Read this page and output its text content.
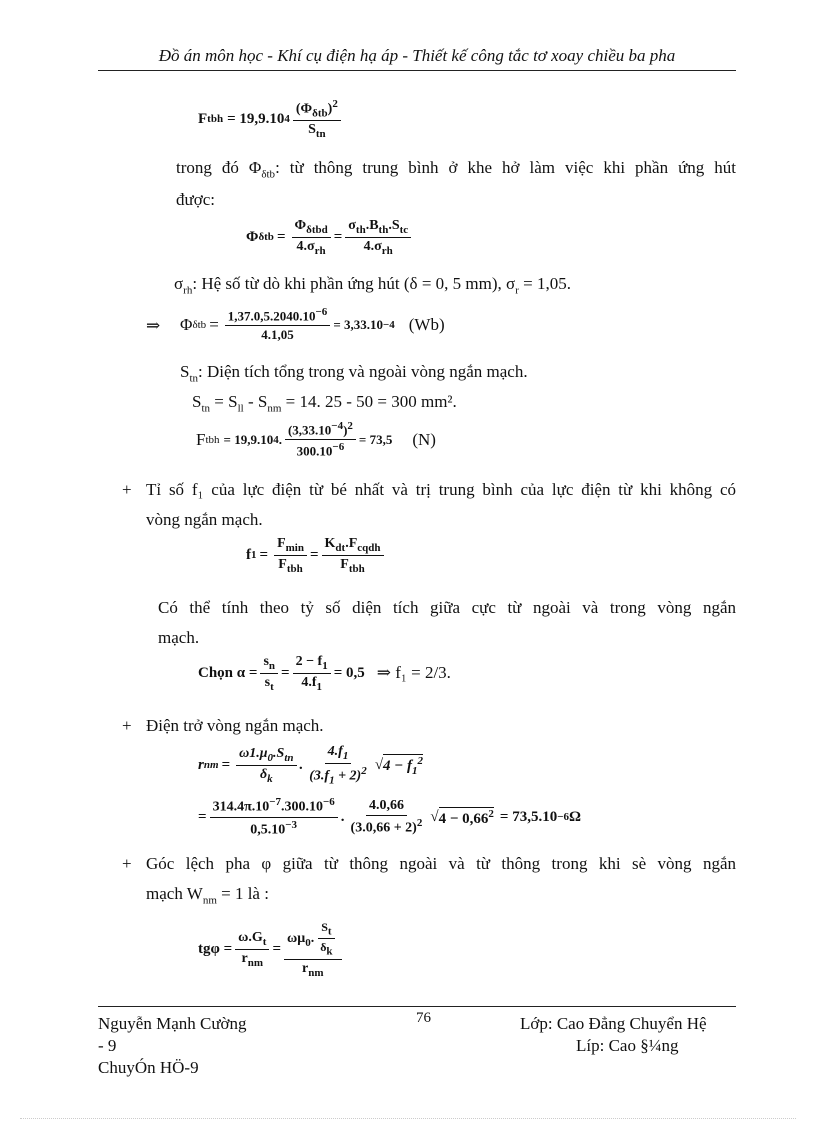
Đồ án môn học - Khí cụ điện hạ áp - Thiết kế công tắc tơ xoay chiều ba pha
F tbh = 19,9.10 $4 \frac{(\Phi_{\delta tb})^2}{S_{tn}}$
trong đó $\Phi_{\delta tb}$: từ thông trung bình ở khe hở làm việc khi phần ứng hút
được:
Φ $\delta tb = \frac{\Phi_{\delta tbd}}{4.\sigma_{rh}} = \frac{\sigma_{th}.B_{th}.S_{tc}}{4.\sigma_{rh}}$
$\sigma_{rh}$: Hệ số từ dò khi phần ứng hút (δ = 0, 5 mm), $\sigma_r = 1,05$.
⇒ Φ $\delta tb = \frac{1,37.0,5.2040.10^{-6}}{4.1,05} = 3,33.10 -4$ (Wb)
$S_{tn}$: Diện tích tổng trong và ngoài vòng ngắn mạch.
$S_{tn} = S_{ll} - S_{nm} = 14$. 25 - 50 = 300 mm².
F tbh = 19,9.10 4 . $\frac{(3,33.10^{-4})^2}{300.10^{-6}} = 73,5$ (N)
+ Tỉ số f₁ của lực điện từ bé nhất và trị trung bình của lực điện từ khi không có
vòng ngắn mạch.
f $1 = \frac{F_{min}}{F_{tbh}} = \frac{K_{dt}.F_{cqdh}}{F_{tbh}}$
Có thể tính theo tỷ số diện tích giữa cực từ ngoài và trong vòng ngắn
mạch.
Chọn $\alpha = \frac{s_n}{s_t} = \frac{2 - f_1}{4.f_1} = 0,5$ ⇒ f₁ = 2/3.
+ Điện trở vòng ngắn mạch.
r nm = $\frac{\omega 1.\mu_0.S_{tn}}{\delta_k}$ . $\frac{4.f_1}{(3.f_1 + 2)^2}$ √ $4 - f_1^2$
= $\frac{314.4\pi.10^{-7}.300.10^{-6}}{0,5.10^{-3}}$ . $\frac{4.0,66}{(3.0,66 + 2)^2}$ √ $4 - 0,66^2 = 73,5.10 -6$ Ω
+ Góc lệch pha φ giữa từ thông ngoài và từ thông trong khi sè vòng ngắn
mạch $W_{nm} = 1$ là :
$tg\varphi = \frac{\omega.G_t}{r_{nm}} = \frac{\omega\mu_0. \frac{S_t}{\delta_k}}{r_{nm}}$
76
Nguyễn Mạnh Cường
- 9
ChuyÓn HÖ-9
Lớp: Cao Đẳng Chuyển Hệ
Líp: Cao §¼ng
